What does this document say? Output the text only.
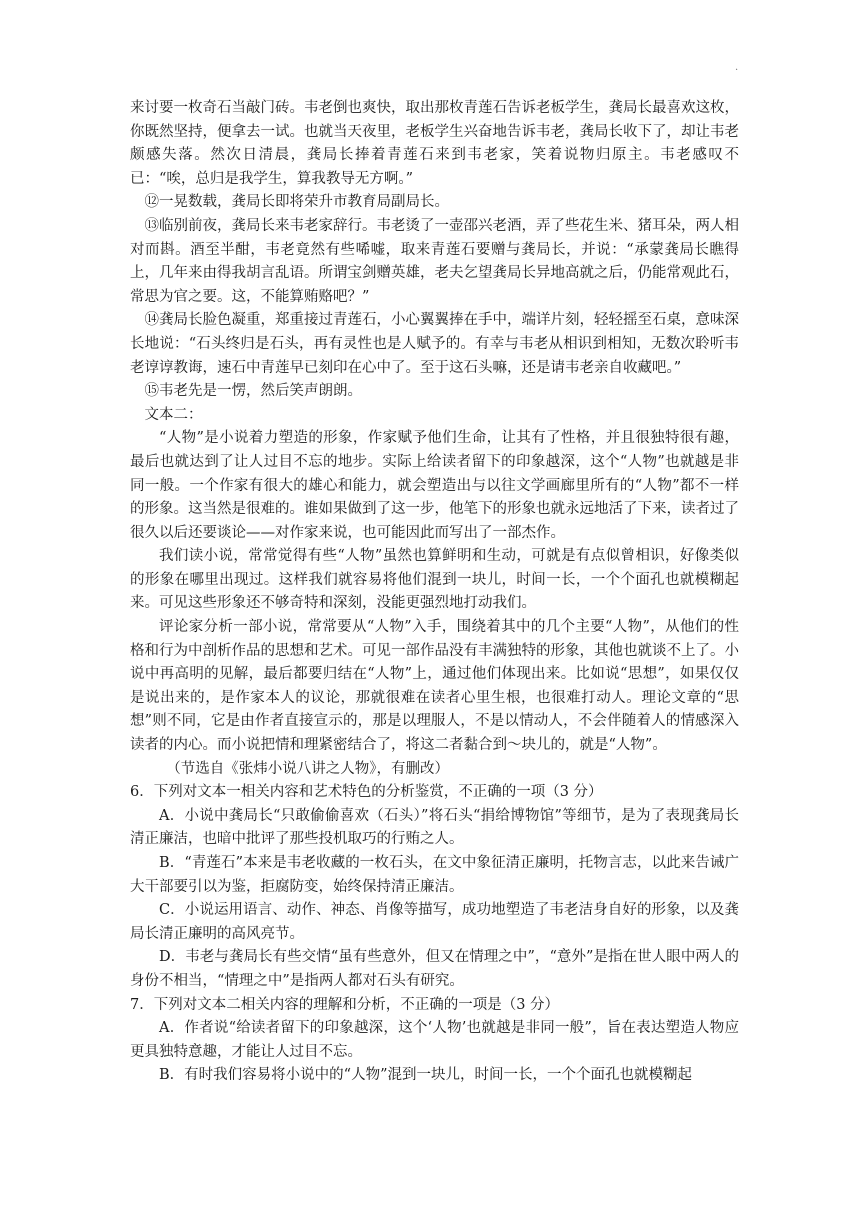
.

来讨要一枚奇石当敲门砖。韦老倒也爽快，取出那枚青莲石告诉老板学生，龚局长最喜欢这枚，你既然坚持，便拿去一试。也就当天夜里，老板学生兴奋地告诉韦老，龚局长收下了，却让韦老颇感失落。然次日清晨，龚局长捧着青莲石来到韦老家，笑着说物归原主。韦老感叹不已：“唉，总归是我学生，算我教导无方啊。”

⑫一晃数载，龚局长即将荣升市教育局副局长。

⑬临别前夜，龚局长来韦老家辞行。韦老烫了一壶邵兴老酒，弄了些花生米、猪耳朵，两人相对而斟。酒至半酣，韦老竟然有些唏嘘，取来青莲石要赠与龚局长，并说：“承蒙龚局长瞧得上，几年来由得我胡言乱语。所谓宝剑赠英雄，老夫乞望龚局长异地高就之后，仍能常观此石，常思为官之要。这，不能算贿赂吧？”

⑭龚局长脸色凝重，郑重接过青莲石，小心翼翼捧在手中，端详片刻，轻轻摇至石桌，意味深长地说：“石头终归是石头，再有灵性也是人赋予的。有幸与韦老从相识到相知，无数次聆听韦老谆谆教诲，速石中青莲早已刻印在心中了。至于这石头嘛，还是请韦老亲自收藏吧。”

⑮韦老先是一愣，然后笑声朗朗。

文本二：

“人物”是小说着力塑造的形象，作家赋予他们生命，让其有了性格，并且很独特很有趣，最后也就达到了让人过目不忘的地步。实际上给读者留下的印象越深，这个“人物”也就越是非同一般。一个作家有很大的雄心和能力，就会塑造出与以往文学画廊里所有的“人物”都不一样的形象。这当然是很难的。谁如果做到了这一步，他笔下的形象也就永远地活了下来，读者过了很久以后还要谈论——对作家来说，也可能因此而写出了一部杰作。

我们读小说，常常觉得有些“人物”虽然也算鲜明和生动，可就是有点似曾相识，好像类似的形象在哪里出现过。这样我们就容易将他们混到一块儿，时间一长，一个个面孔也就模糊起来。可见这些形象还不够奇特和深刻，没能更强烈地打动我们。

评论家分析一部小说，常常要从“人物”入手，围绕着其中的几个主要“人物”，从他们的性格和行为中剖析作品的思想和艺术。可见一部作品没有丰满独特的形象，其他也就谈不上了。小说中再高明的见解，最后都要归结在“人物”上，通过他们体现出来。比如说“思想”，如果仅仅是说出来的，是作家本人的议论，那就很难在读者心里生根，也很难打动人。理论文章的“思想”则不同，它是由作者直接宣示的，那是以理服人，不是以情动人，不会伴随着人的情感深入读者的内心。而小说把情和理紧密结合了，将这二者黏合到～块儿的，就是“人物”。

（节选自《张炜小说八讲之人物》，有删改）

6．下列对文本一相关内容和艺术特色的分析鉴赏，不正确的一项（3 分）

A．小说中龚局长“只敢偷偷喜欢（石头）”将石头“捐给博物馆”等细节，是为了表现龚局长清正廉洁，也暗中批评了那些投机取巧的行贿之人。

B．“青莲石”本来是韦老收藏的一枚石头，在文中象征清正廉明，托物言志，以此来告诫广大干部要引以为鉴，拒腐防变，始终保持清正廉洁。

C．小说运用语言、动作、神态、肖像等描写，成功地塑造了韦老洁身自好的形象，以及龚局长清正廉明的高风亮节。

D．韦老与龚局长有些交情“虽有些意外，但又在情理之中”，“意外”是指在世人眼中两人的身份不相当，“情理之中”是指两人都对石头有研究。

7．下列对文本二相关内容的理解和分析，不正确的一项是（3 分）

A．作者说“给读者留下的印象越深，这个‘人物’也就越是非同一般”，旨在表达塑造人物应更具独特意趣，才能让人过目不忘。

B．有时我们容易将小说中的“人物”混到一块儿，时间一长，一个个面孔也就模糊起
